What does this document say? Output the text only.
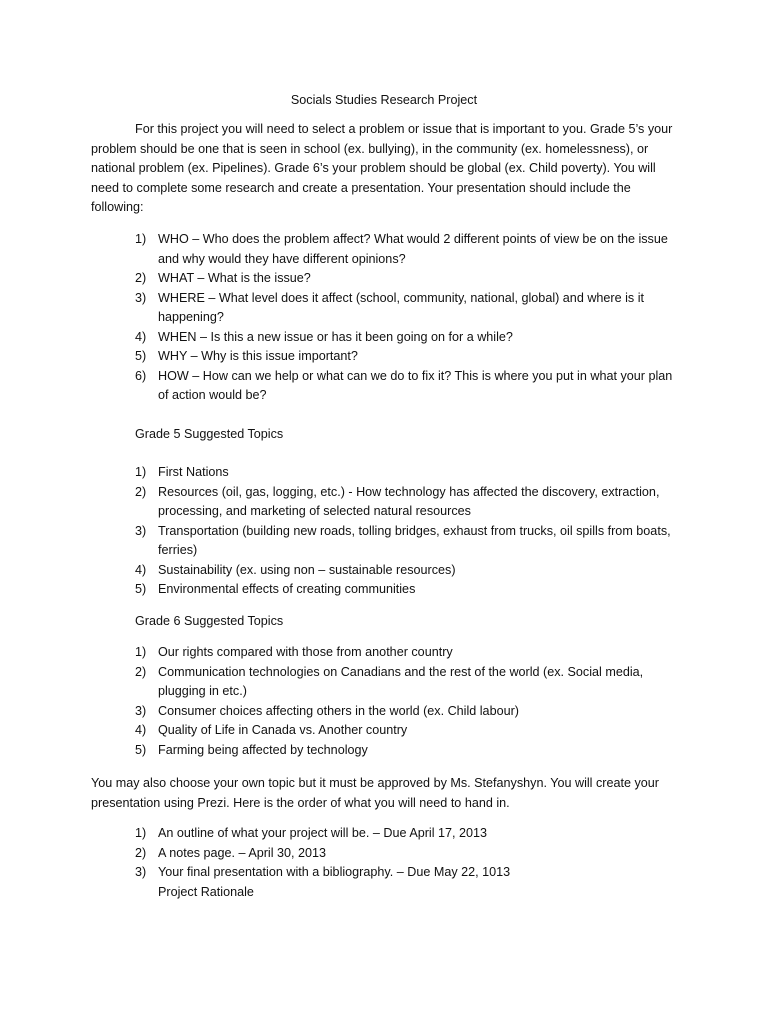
Socials Studies Research Project

For this project you will need to select a problem or issue that is important to you. Grade 5’s your problem should be one that is seen in school (ex. bullying), in the community (ex. homelessness), or national problem (ex. Pipelines). Grade 6’s your problem should be global (ex. Child poverty). You will need to complete some research and create a presentation. Your presentation should include the following:

1) WHO – Who does the problem affect? What would 2 different points of view be on the issue and why would they have different opinions?
2) WHAT – What is the issue?
3) WHERE – What level does it affect (school, community, national, global) and where is it happening?
4) WHEN – Is this a new issue or has it been going on for a while?
5) WHY – Why is this issue important?
6) HOW – How can we help or what can we do to fix it? This is where you put in what your plan of action would be?
Grade 5 Suggested Topics
1) First Nations
2) Resources (oil, gas, logging, etc.) - How technology has affected the discovery, extraction, processing, and marketing of selected natural resources
3) Transportation (building new roads, tolling bridges, exhaust from trucks, oil spills from boats, ferries)
4) Sustainability (ex. using non – sustainable resources)
5) Environmental effects of creating communities
Grade 6 Suggested Topics
1) Our rights compared with those from another country
2) Communication technologies on Canadians and the rest of the world (ex. Social media, plugging in etc.)
3) Consumer choices affecting others in the world (ex. Child labour)
4) Quality of Life in Canada vs. Another country
5) Farming being affected by technology

You may also choose your own topic but it must be approved by Ms. Stefanyshyn. You will create your presentation using Prezi. Here is the order of what you will need to hand in.

1) An outline of what your project will be. – Due April 17, 2013
2) A notes page. – April 30, 2013
3) Your final presentation with a bibliography. – Due May 22, 1013
Project Rationale
